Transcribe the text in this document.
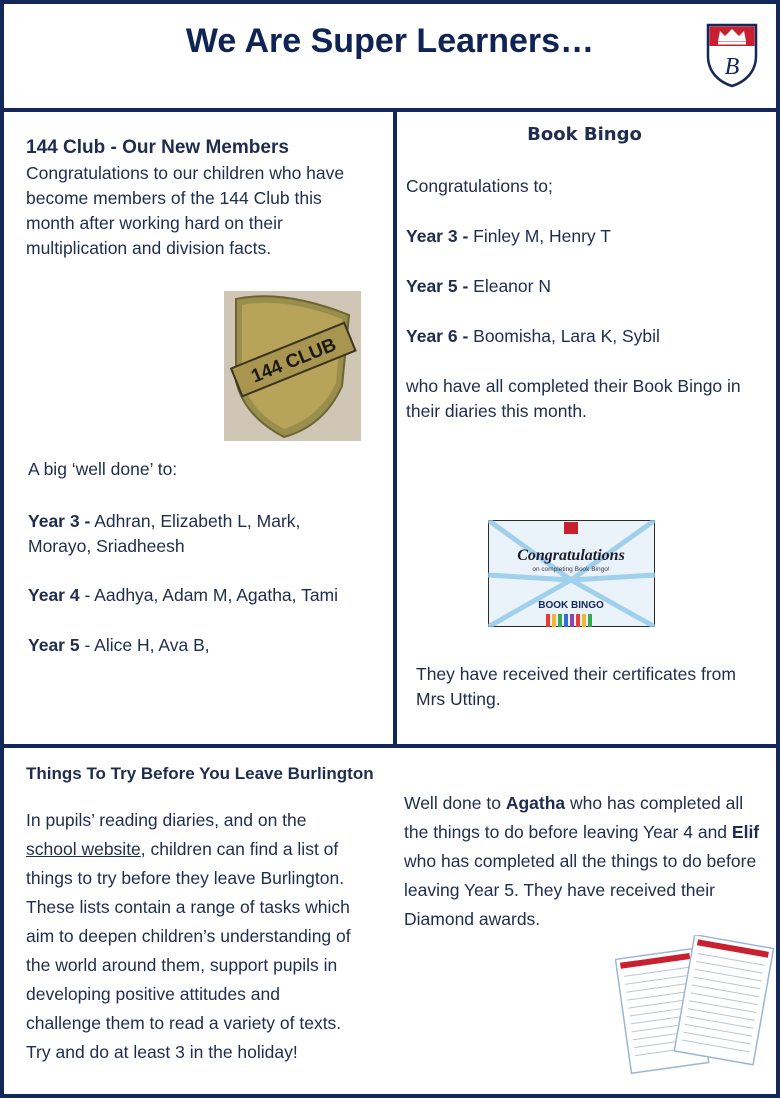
We Are Super Learners…
B
144 Club - Our New Members
Congratulations to our children who have become members of the 144 Club this month after working hard on their multiplication and division facts.
144 CLUB
A big ‘well done’ to:
Year 3 - Adhran, Elizabeth L, Mark, Morayo, Sriadheesh
Year 4 - Aadhya, Adam M, Agatha, Tami
Year 5 - Alice H, Ava B,
Book Bingo
Congratulations to;
Year 3 - Finley M, Henry T
Year 5 - Eleanor N
Year 6 - Boomisha, Lara K, Sybil
who have all completed their Book Bingo in their diaries this month.
Congratulations
on completing Book Bingo!
BOOK BINGO
They have received their certificates from Mrs Utting.
Things To Try Before You Leave Burlington
In pupils’ reading diaries, and on the school website, children can find a list of things to try before they leave Burlington. These lists contain a range of tasks which aim to deepen children’s understanding of the world around them, support pupils in developing positive attitudes and challenge them to read a variety of texts. Try and do at least 3 in the holiday!
Well done to Agatha who has completed all the things to do before leaving Year 4 and Elif who has completed all the things to do before leaving Year 5. They have received their Diamond awards.
